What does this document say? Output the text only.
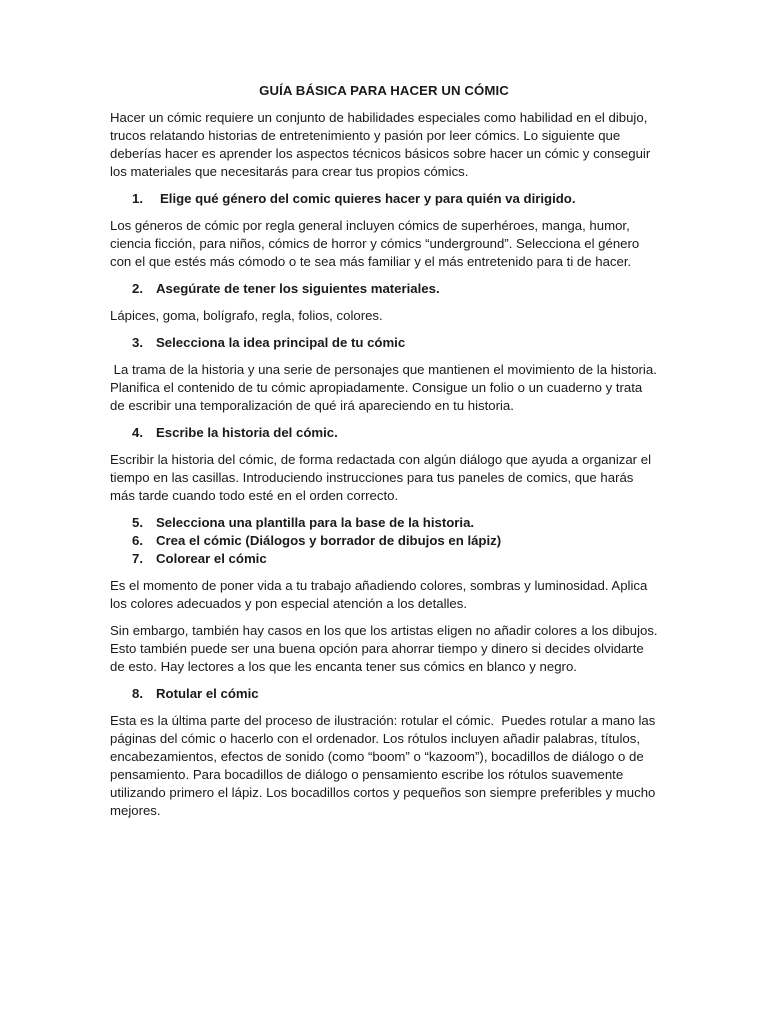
GUÍA BÁSICA PARA HACER UN CÓMIC

Hacer un cómic requiere un conjunto de habilidades especiales como habilidad en el dibujo, trucos relatando historias de entretenimiento y pasión por leer cómics. Lo siguiente que deberías hacer es aprender los aspectos técnicos básicos sobre hacer un cómic y conseguir los materiales que necesitarás para crear tus propios cómics.

1.	Elige qué género del comic quieres hacer y para quién va dirigido.

Los géneros de cómic por regla general incluyen cómics de superhéroes, manga, humor, ciencia ficción, para niños, cómics de horror y cómics “underground”. Selecciona el género con el que estés más cómodo o te sea más familiar y el más entretenido para ti de hacer.

2. Asegúrate de tener los siguientes materiales.

Lápices, goma, bolígrafo, regla, folios, colores.

3. Selecciona la idea principal de tu cómic

La trama de la historia y una serie de personajes que mantienen el movimiento de la historia. Planifica el contenido de tu cómic apropiadamente. Consigue un folio o un cuaderno y trata de escribir una temporalización de qué irá apareciendo en tu historia.

4. Escribe la historia del cómic.

Escribir la historia del cómic, de forma redactada con algún diálogo que ayuda a organizar el tiempo en las casillas. Introduciendo instrucciones para tus paneles de comics, que harás más tarde cuando todo esté en el orden correcto.

5. Selecciona una plantilla para la base de la historia.
6. Crea el cómic (Diálogos y borrador de dibujos en lápiz)
7. Colorear el cómic

Es el momento de poner vida a tu trabajo añadiendo colores, sombras y luminosidad. Aplica los colores adecuados y pon especial atención a los detalles.

Sin embargo, también hay casos en los que los artistas eligen no añadir colores a los dibujos. Esto también puede ser una buena opción para ahorrar tiempo y dinero si decides olvidarte de esto. Hay lectores a los que les encanta tener sus cómics en blanco y negro.

8. Rotular el cómic

Esta es la última parte del proceso de ilustración: rotular el cómic.  Puedes rotular a mano las páginas del cómic o hacerlo con el ordenador. Los rótulos incluyen añadir palabras, títulos, encabezamientos, efectos de sonido (como “boom” o “kazoom”), bocadillos de diálogo o de pensamiento. Para bocadillos de diálogo o pensamiento escribe los rótulos suavemente utilizando primero el lápiz. Los bocadillos cortos y pequeños son siempre preferibles y mucho mejores.
